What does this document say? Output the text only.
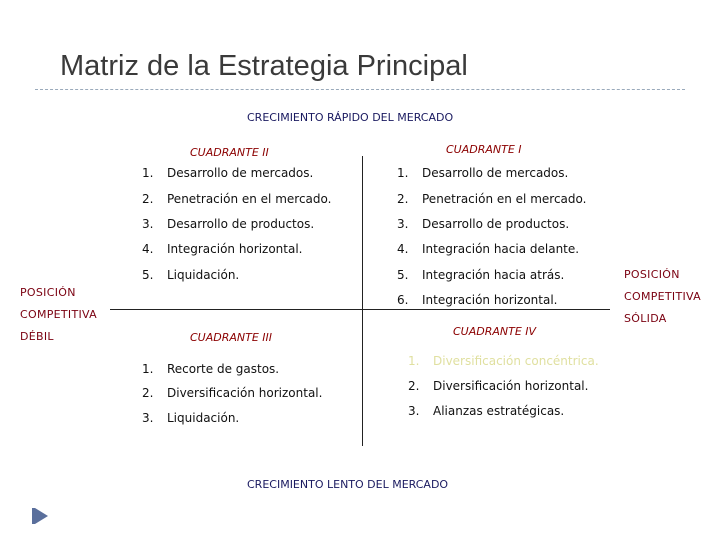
Matriz de la Estrategia Principal
CRECIMIENTO RÁPIDO DEL MERCADO
CRECIMIENTO LENTO DEL MERCADO
POSICIÓN
COMPETITIVA
DÉBIL
POSICIÓN
COMPETITIVA
SÓLIDA
CUADRANTE II	CUADRANTE I
CUADRANTE III	CUADRANTE IV
1. Desarrollo de mercados.
2. Penetración en el mercado.
3. Desarrollo de productos.
4. Integración horizontal.
5. Liquidación.
1. Desarrollo de mercados.
2. Penetración en el mercado.
3. Desarrollo de productos.
4. Integración hacia delante.
5. Integración hacia atrás.
6. Integración horizontal.
1. Recorte de gastos.
2. Diversificación horizontal.
3. Liquidación.
1. Diversificación concéntrica.
2. Diversificación horizontal.
3. Alianzas estratégicas.
